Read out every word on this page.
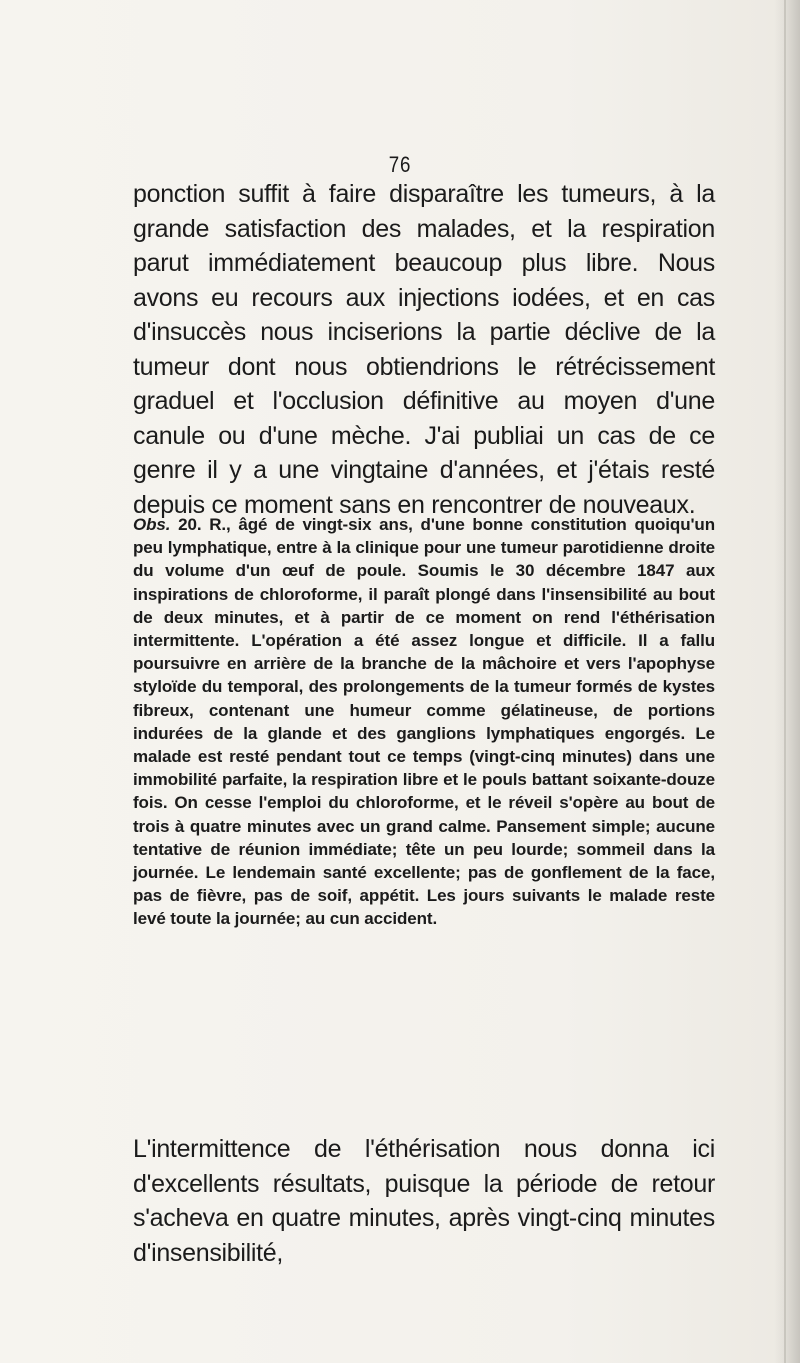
76
ponction suffit à faire disparaître les tumeurs, à la grande satisfaction des malades, et la respiration parut immédiatement beaucoup plus libre. Nous avons eu recours aux injections iodées, et en cas d'insuccès nous inciserions la partie déclive de la tumeur dont nous obtiendrions le rétrécissement graduel et l'occlusion définitive au moyen d'une canule ou d'une mèche. J'ai publiai un cas de ce genre il y a une vingtaine d'années, et j'étais resté depuis ce moment sans en rencontrer de nouveaux.
Obs. 20. R., âgé de vingt-six ans, d'une bonne constitution quoiqu'un peu lymphatique, entre à la clinique pour une tumeur parotidienne droite du volume d'un œuf de poule. Soumis le 30 décembre 1847 aux inspirations de chloroforme, il paraît plongé dans l'insensibilité au bout de deux minutes, et à partir de ce moment on rend l'éthérisation intermittente. L'opération a été assez longue et difficile. Il a fallu poursuivre en arrière de la branche de la mâchoire et vers l'apophyse styloïde du temporal, des prolongements de la tumeur formés de kystes fibreux, contenant une humeur comme gélatineuse, de portions indurées de la glande et des ganglions lymphatiques engorgés. Le malade est resté pendant tout ce temps (vingt-cinq minutes) dans une immobilité parfaite, la respiration libre et le pouls battant soixante-douze fois. On cesse l'emploi du chloroforme, et le réveil s'opère au bout de trois à quatre minutes avec un grand calme. Pansement simple; aucune tentative de réunion immédiate; tête un peu lourde; sommeil dans la journée. Le lendemain santé excellente; pas de gonflement de la face, pas de fièvre, pas de soif, appétit. Les jours suivants le malade reste levé toute la journée; au cun accident.
L'intermittence de l'éthérisation nous donna ici d'excellents résultats, puisque la période de retour s'acheva en quatre minutes, après vingt-cinq minutes d'insensibilité,
